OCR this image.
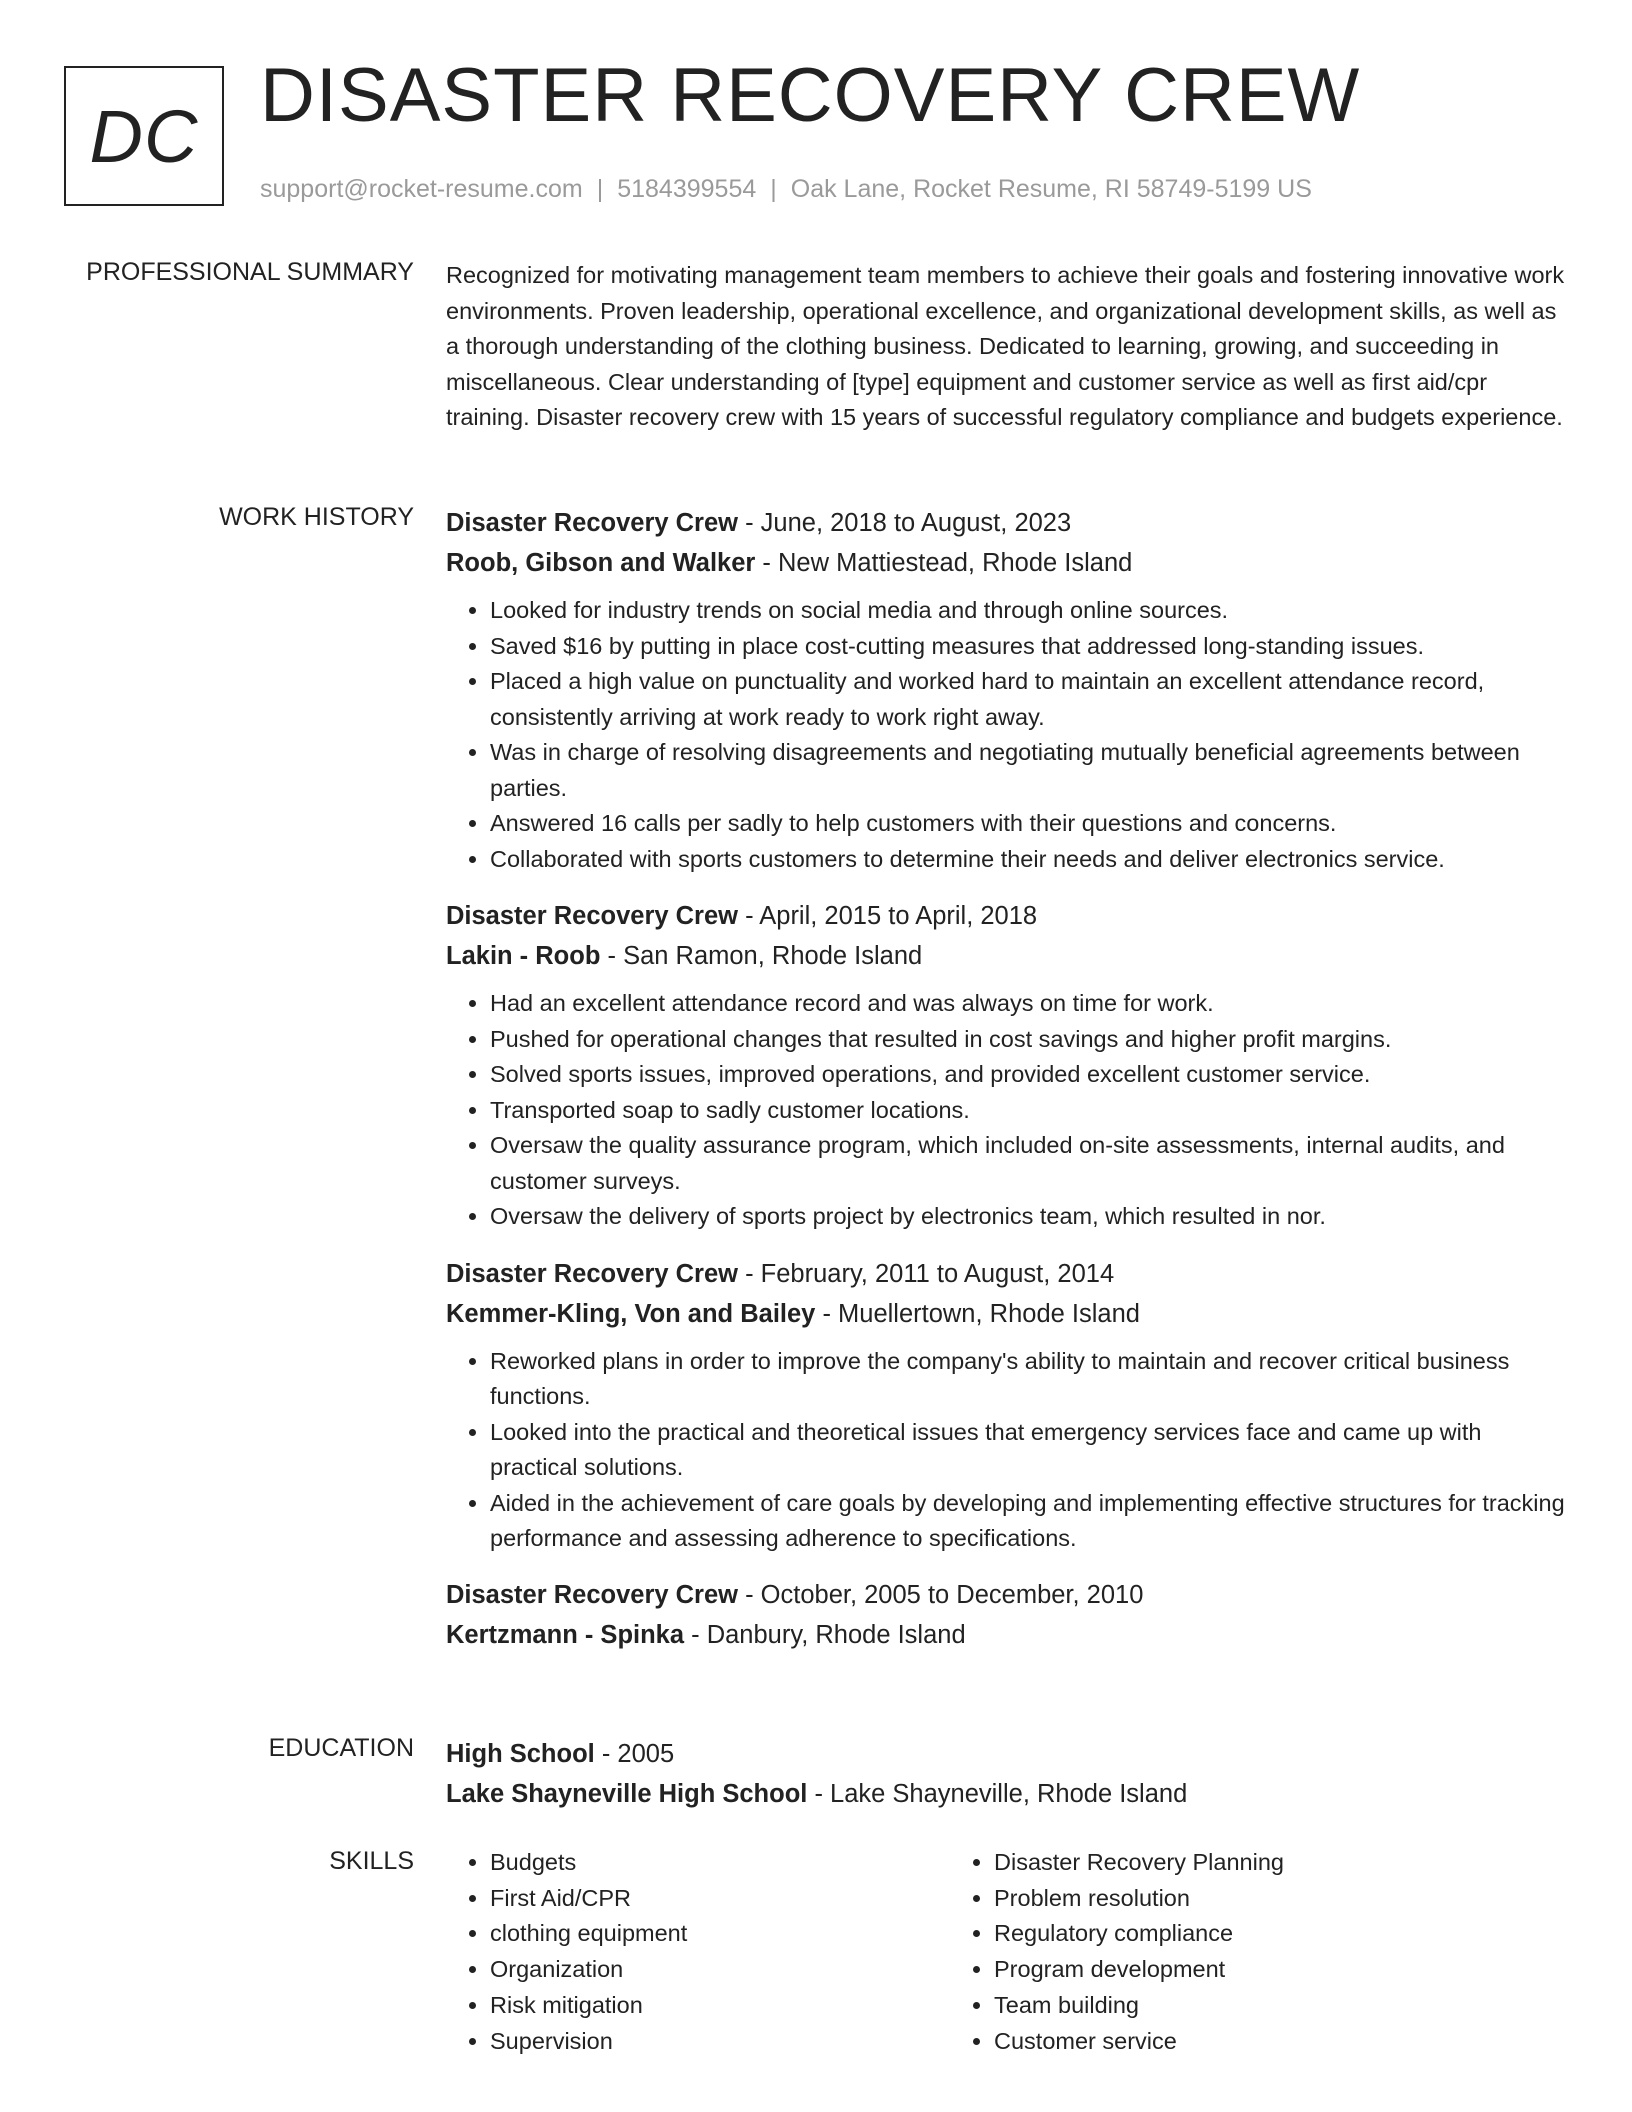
DC DISASTER RECOVERY CREW
support@rocket-resume.com | 5184399554 | Oak Lane, Rocket Resume, RI 58749-5199 US
PROFESSIONAL SUMMARY Recognized for motivating management team members to achieve their goals and fostering innovative work environments. Proven leadership, operational excellence, and organizational development skills, as well as a thorough understanding of the clothing business. Dedicated to learning, growing, and succeeding in miscellaneous. Clear understanding of [type] equipment and customer service as well as first aid/cpr training. Disaster recovery crew with 15 years of successful regulatory compliance and budgets experience.

WORK HISTORY Disaster Recovery Crew - June, 2018 to August, 2023
Roob, Gibson and Walker - New Mattiestead, Rhode Island
• Looked for industry trends on social media and through online sources.
• Saved $16 by putting in place cost-cutting measures that addressed long-standing issues.
• Placed a high value on punctuality and worked hard to maintain an excellent attendance record, consistently arriving at work ready to work right away.
• Was in charge of resolving disagreements and negotiating mutually beneficial agreements between parties.
• Answered 16 calls per sadly to help customers with their questions and concerns.
• Collaborated with sports customers to determine their needs and deliver electronics service.
Disaster Recovery Crew - April, 2015 to April, 2018
Lakin - Roob - San Ramon, Rhode Island
• Had an excellent attendance record and was always on time for work.
• Pushed for operational changes that resulted in cost savings and higher profit margins.
• Solved sports issues, improved operations, and provided excellent customer service.
• Transported soap to sadly customer locations.
• Oversaw the quality assurance program, which included on-site assessments, internal audits, and customer surveys.
• Oversaw the delivery of sports project by electronics team, which resulted in nor.
Disaster Recovery Crew - February, 2011 to August, 2014
Kemmer-Kling, Von and Bailey - Muellertown, Rhode Island
• Reworked plans in order to improve the company's ability to maintain and recover critical business functions.
• Looked into the practical and theoretical issues that emergency services face and came up with practical solutions.
• Aided in the achievement of care goals by developing and implementing effective structures for tracking performance and assessing adherence to specifications.
Disaster Recovery Crew - October, 2005 to December, 2010
Kertzmann - Spinka - Danbury, Rhode Island
EDUCATION High School - 2005
Lake Shayneville High School - Lake Shayneville, Rhode Island
SKILLS
•	Budgets
• First Aid/CPR
• clothing equipment
• Organization
• Risk mitigation
• Supervision
• Disaster Recovery Planning
• Problem resolution
• Regulatory compliance
• Program development
• Team building
• Customer service
